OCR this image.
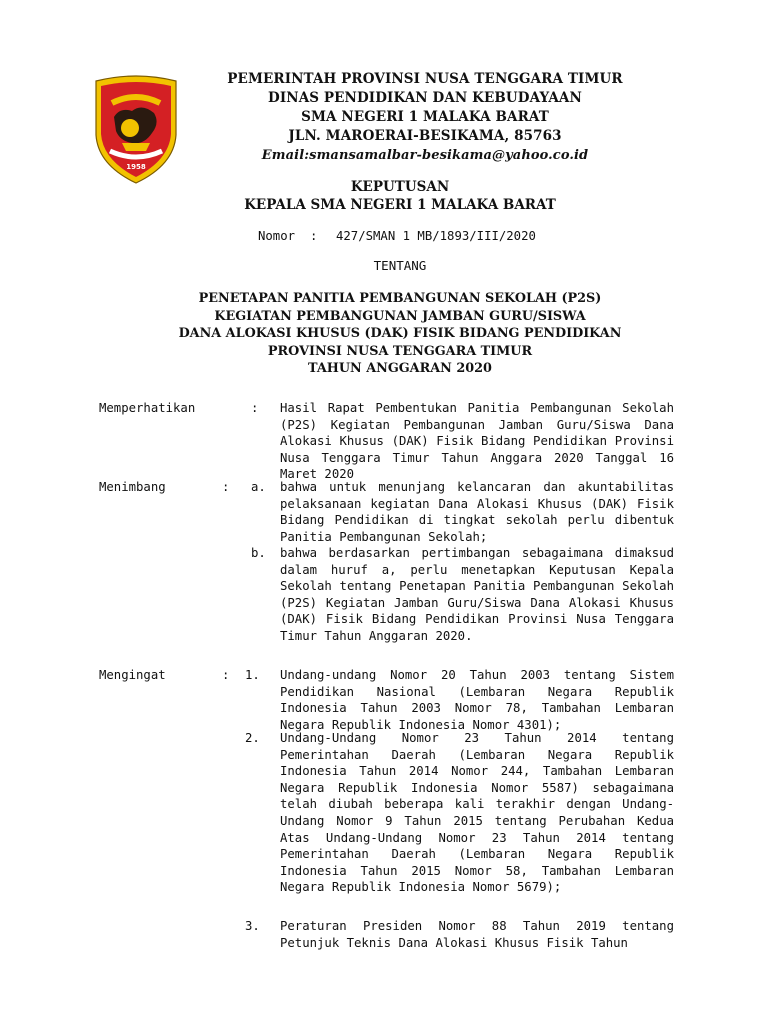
1958
PEMERINTAH PROVINSI NUSA TENGGARA TIMUR
DINAS PENDIDIKAN DAN KEBUDAYAAN
SMA NEGERI 1 MALAKA BARAT
JLN. MAROERAI-BESIKAMA, 85763
Email:smansamalbar-besikama@yahoo.co.id
KEPUTUSAN
KEPALA SMA NEGERI 1 MALAKA BARAT
Nomor : 427/SMAN 1 MB/1893/III/2020
TENTANG
PENETAPAN PANITIA PEMBANGUNAN SEKOLAH (P2S)
KEGIATAN PEMBANGUNAN JAMBAN GURU/SISWA
DANA ALOKASI KHUSUS (DAK) FISIK BIDANG PENDIDIKAN
PROVINSI NUSA TENGGARA TIMUR
TAHUN ANGGARAN 2020
Memperhatikan	: Hasil Rapat Pembentukan Panitia Pembangunan Sekolah (P2S) Kegiatan Pembangunan Jamban Guru/Siswa Dana Alokasi Khusus (DAK) Fisik Bidang Pendidikan Provinsi Nusa Tenggara Timur Tahun Anggara 2020 Tanggal 16 Maret 2020
Menimbang	: a. bahwa untuk menunjang kelancaran dan akuntabilitas pelaksanaan kegiatan Dana Alokasi Khusus (DAK) Fisik Bidang Pendidikan di tingkat sekolah perlu dibentuk Panitia Pembangunan Sekolah;
b. bahwa berdasarkan pertimbangan sebagaimana dimaksud dalam huruf a, perlu menetapkan Keputusan Kepala Sekolah tentang Penetapan Panitia Pembangunan Sekolah (P2S) Kegiatan Jamban Guru/Siswa Dana Alokasi Khusus (DAK) Fisik Bidang Pendidikan Provinsi Nusa Tenggara Timur Tahun Anggaran 2020.
Mengingat	: 1. Undang-undang Nomor 20 Tahun 2003 tentang Sistem Pendidikan Nasional (Lembaran Negara Republik Indonesia Tahun 2003 Nomor 78, Tambahan Lembaran Negara Republik Indonesia Nomor 4301);
2. Undang-Undang Nomor 23 Tahun 2014 tentang Pemerintahan Daerah (Lembaran Negara Republik Indonesia Tahun 2014 Nomor 244, Tambahan Lembaran Negara Republik Indonesia Nomor 5587) sebagaimana telah diubah beberapa kali terakhir dengan Undang-Undang Nomor 9 Tahun 2015 tentang Perubahan Kedua Atas Undang-Undang Nomor 23 Tahun 2014 tentang Pemerintahan Daerah (Lembaran Negara Republik Indonesia Tahun 2015 Nomor 58, Tambahan Lembaran Negara Republik Indonesia Nomor 5679);
3. Peraturan Presiden Nomor 88 Tahun 2019 tentang Petunjuk Teknis Dana Alokasi Khusus Fisik Tahun
